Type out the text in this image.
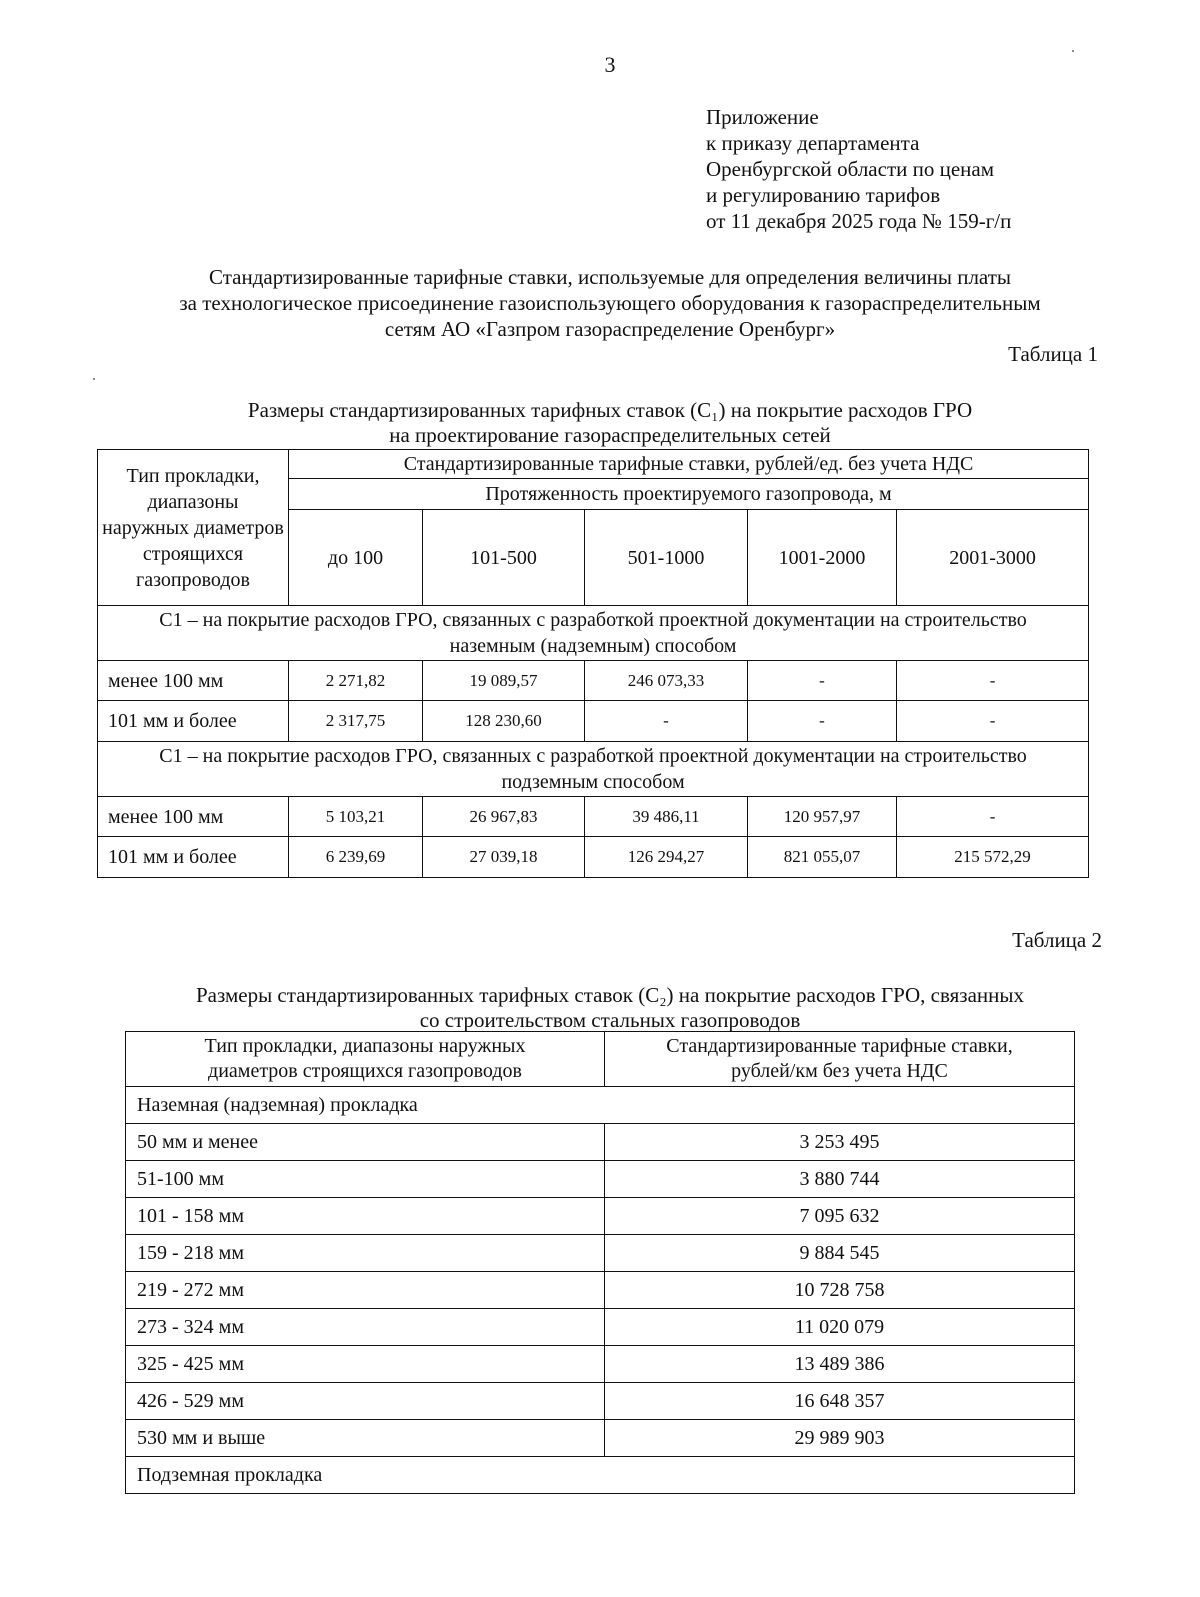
3
Приложение
к приказу департамента
Оренбургской области по ценам
и регулированию тарифов
от 11 декабря 2025 года № 159-г/п
Стандартизированные тарифные ставки, используемые для определения величины платы
за технологическое присоединение газоиспользующего оборудования к газораспределительным
сетям АО «Газпром газораспределение Оренбург»
Таблица 1
Размеры стандартизированных тарифных ставок (C₁) на покрытие расходов ГРО
на проектирование газораспределительных сетей
Тип прокладки, диапазоны наружных диаметров строящихся газопроводов	Стандартизированные тарифные ставки, рублей/ед. без учета НДС				
	Протяженность проектируемого газопровода, м				
	до 100	101-500	501-1000	1001-2000	2001-3000
С1 – на покрытие расходов ГРО, связанных с разработкой проектной документации на строительство наземным (надземным) способом					
менее 100 мм	2 271,82	19 089,57	246 073,33	-	-
101 мм и более	2 317,75	128 230,60	-	-	-
С1 – на покрытие расходов ГРО, связанных с разработкой проектной документации на строительство подземным способом					
менее 100 мм	5 103,21	26 967,83	39 486,11	120 957,97	-
101 мм и более	6 239,69	27 039,18	126 294,27	821 055,07	215 572,29
Таблица 2
Размеры стандартизированных тарифных ставок (C₂) на покрытие расходов ГРО, связанных
со строительством стальных газопроводов
Тип прокладки, диапазоны наружных диаметров строящихся газопроводов	Стандартизированные тарифные ставки, рублей/км без учета НДС
Наземная (надземная) прокладка	
50 мм и менее	3 253 495
51-100 мм	3 880 744
101 - 158 мм	7 095 632
159 - 218 мм	9 884 545
219 - 272 мм	10 728 758
273 - 324 мм	11 020 079
325 - 425 мм	13 489 386
426 - 529 мм	16 648 357
530 мм и выше	29 989 903
Подземная прокладка	
